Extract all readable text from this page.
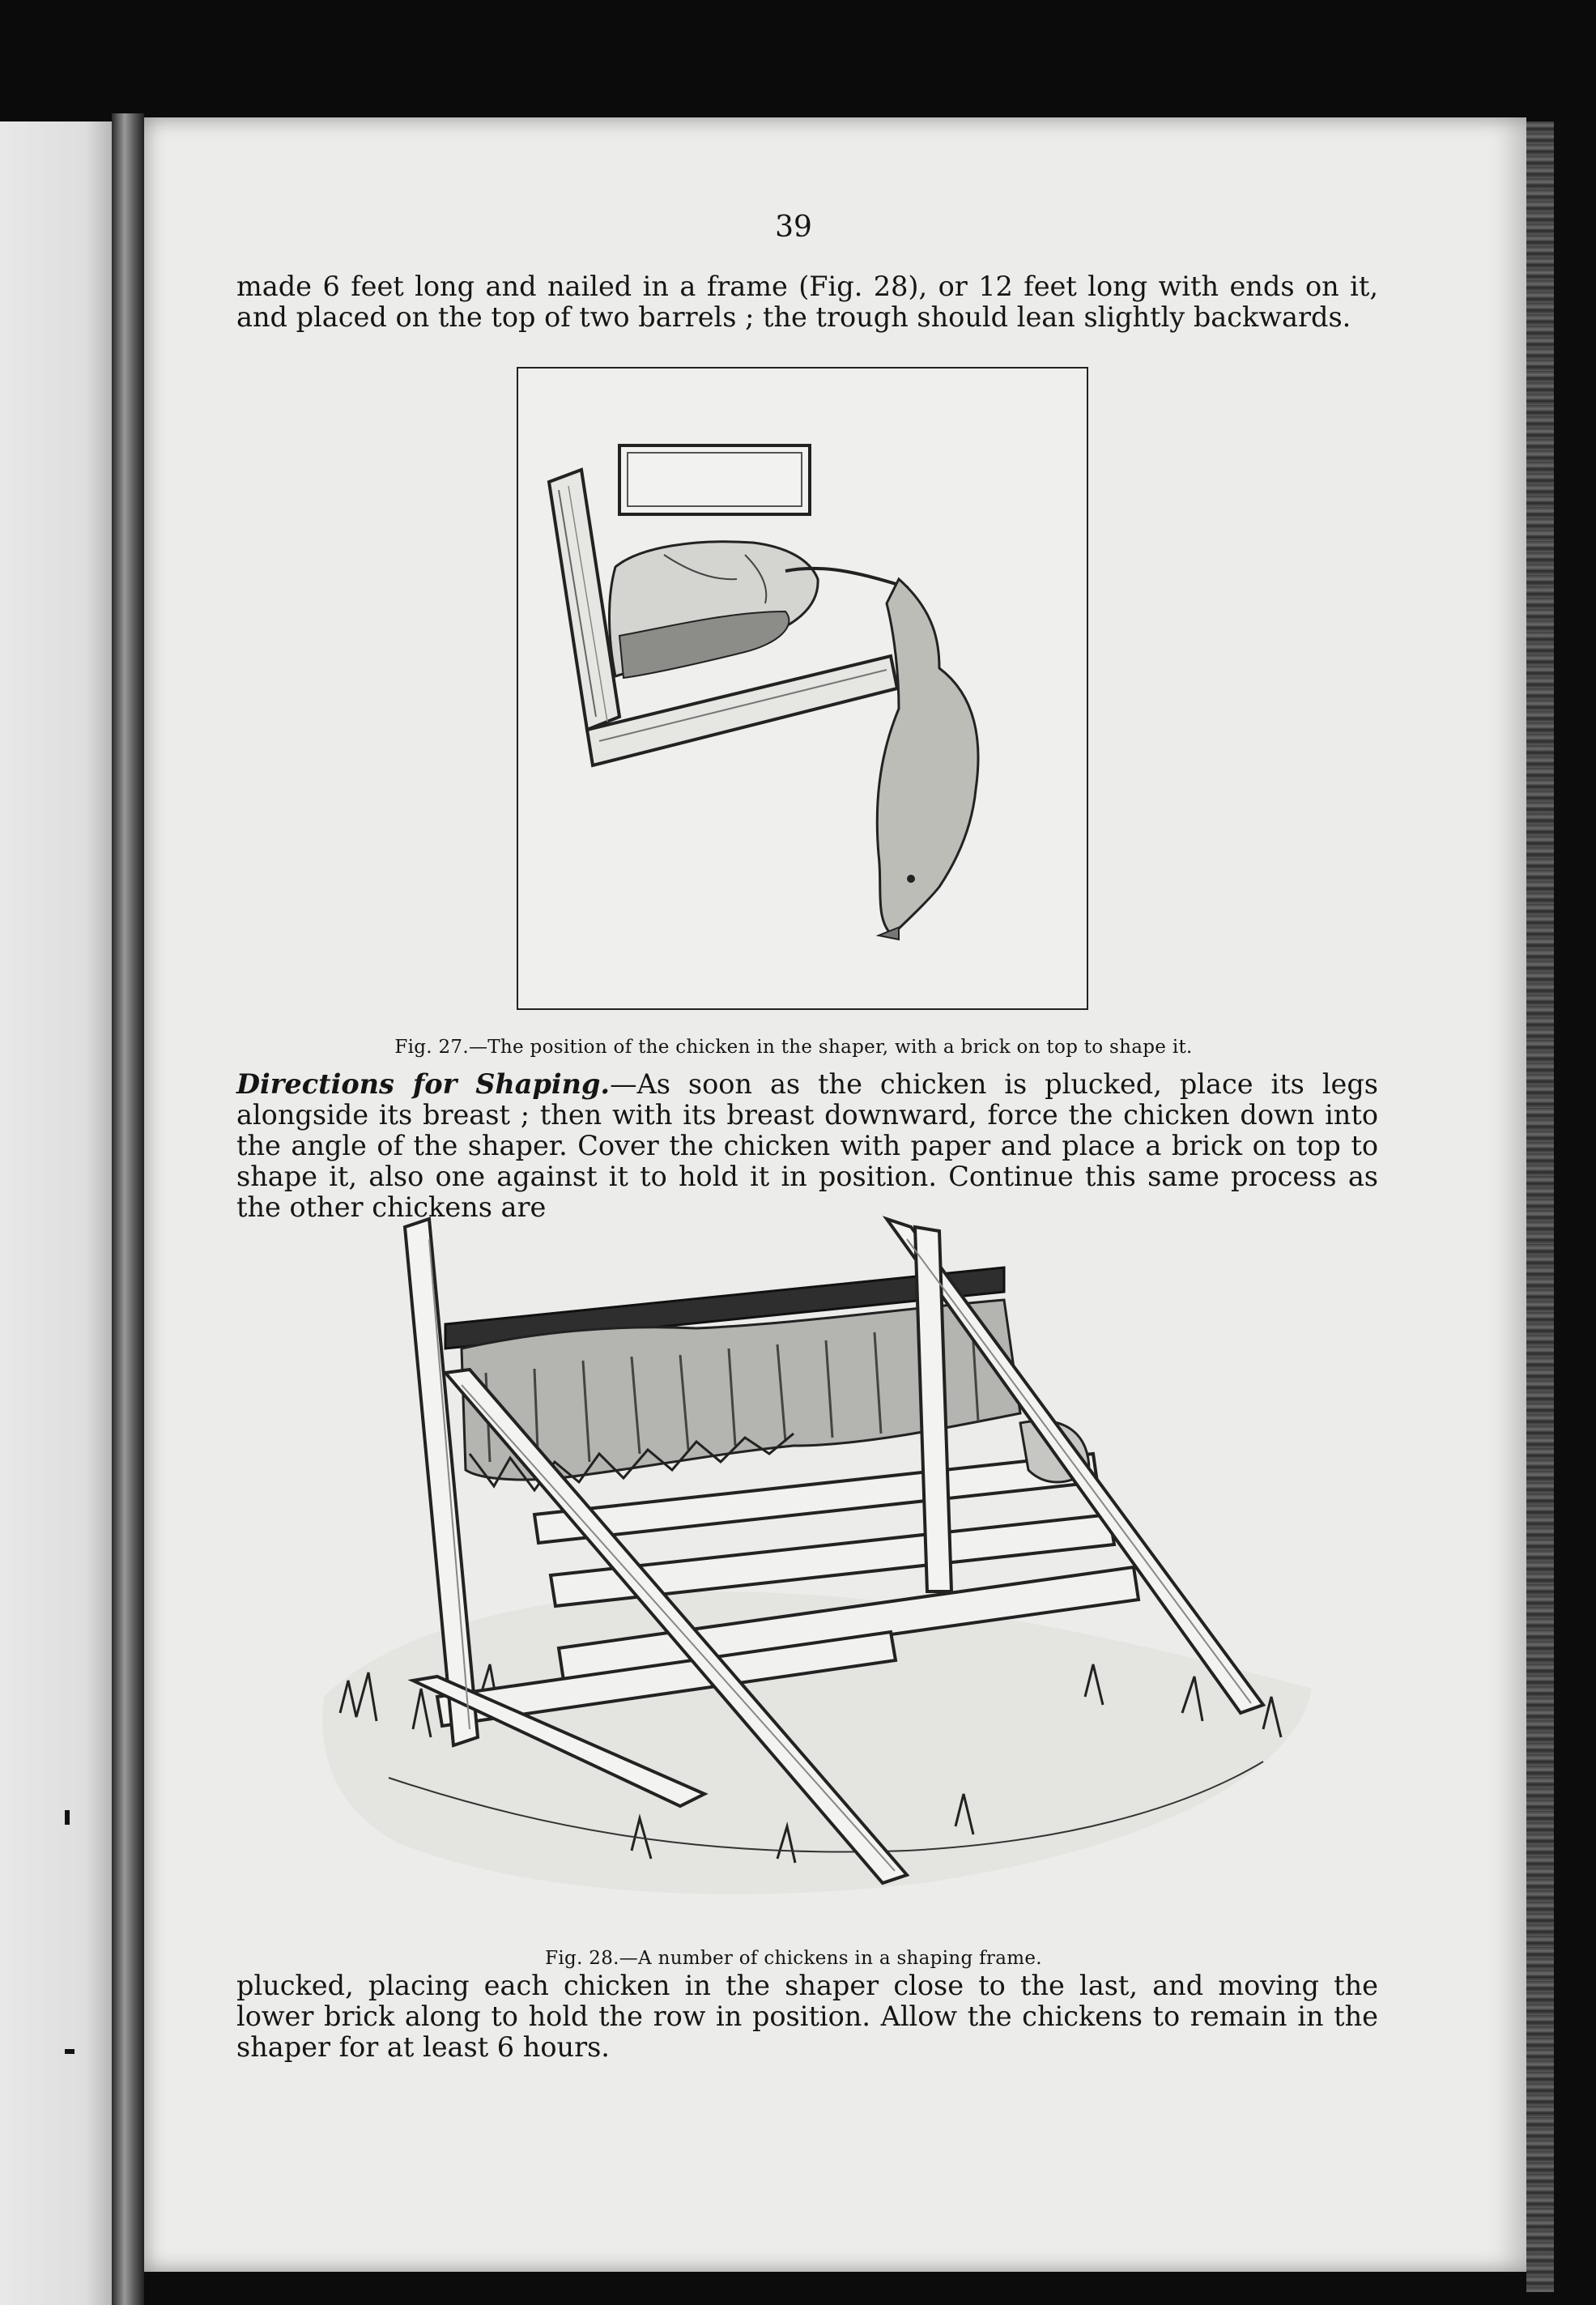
39

made 6 feet long and nailed in a frame (Fig. 28), or 12 feet long with ends on it, and placed on the top of two barrels ; the trough should lean slightly backwards.

Fig. 27.—The position of the chicken in the shaper, with a brick on top to shape it.

Directions for Shaping.—As soon as the chicken is plucked, place its legs alongside its breast ; then with its breast downward, force the chicken down into the angle of the shaper. Cover the chicken with paper and place a brick on top to shape it, also one against it to hold it in position. Continue this same process as the other chickens are

Fig. 28.—A number of chickens in a shaping frame.

plucked, placing each chicken in the shaper close to the last, and moving the lower brick along to hold the row in position. Allow the chickens to remain in the shaper for at least 6 hours.
